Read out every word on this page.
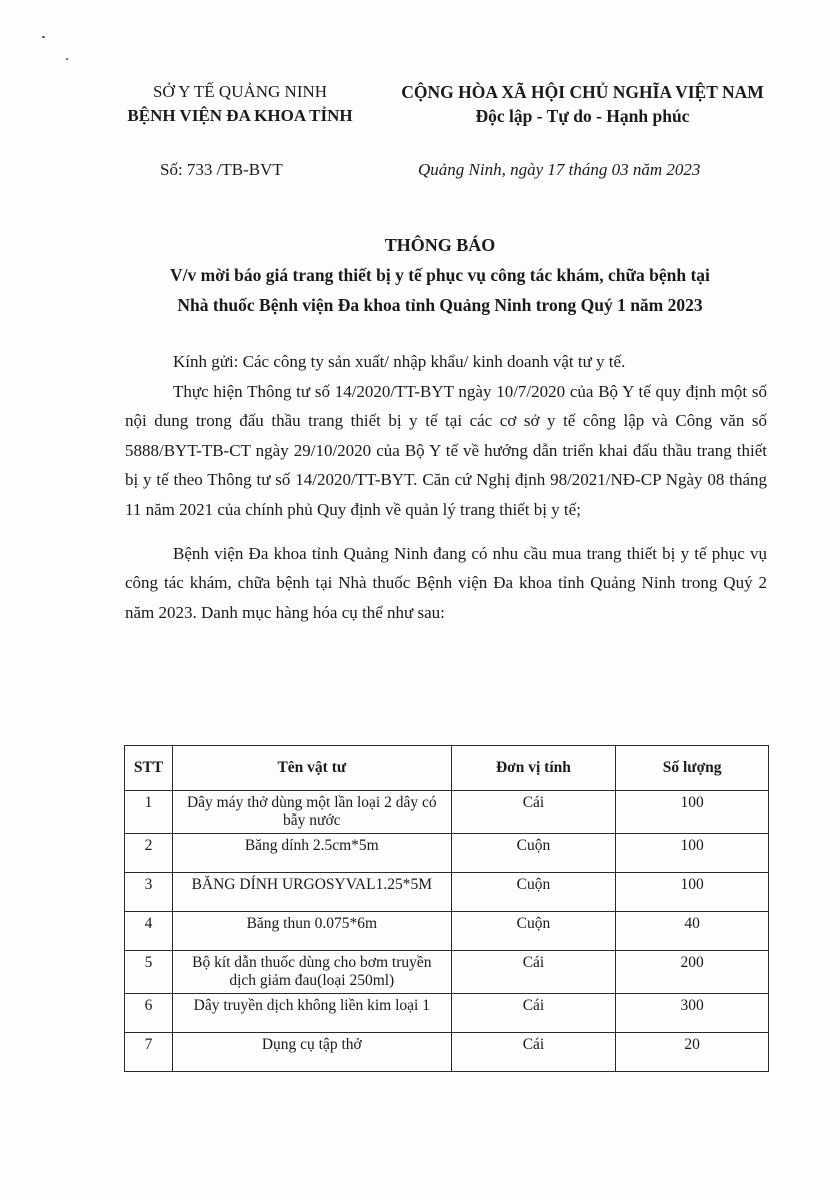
SỞ Y TẾ QUẢNG NINH
BỆNH VIỆN ĐA KHOA TỈNH
CỘNG HÒA XÃ HỘI CHỦ NGHĨA VIỆT NAM
Độc lập - Tự do - Hạnh phúc
Số: 733 /TB-BVT	Quảng Ninh, ngày 17 tháng 03 năm 2023
THÔNG BÁO
V/v mời báo giá trang thiết bị y tế phục vụ công tác khám, chữa bệnh tại
Nhà thuốc Bệnh viện Đa khoa tỉnh Quảng Ninh trong Quý 1 năm 2023

Kính gửi: Các công ty sản xuất/ nhập khẩu/ kinh doanh vật tư y tế.

Thực hiện Thông tư số 14/2020/TT-BYT ngày 10/7/2020 của Bộ Y tế quy định một số nội dung trong đấu thầu trang thiết bị y tế tại các cơ sở y tế công lập và Công văn số 5888/BYT-TB-CT ngày 29/10/2020 của Bộ Y tế về hướng dẫn triển khai đấu thầu trang thiết bị y tế theo Thông tư số 14/2020/TT-BYT. Căn cứ Nghị định 98/2021/NĐ-CP Ngày 08 tháng 11 năm 2021 của chính phủ Quy định về quản lý trang thiết bị y tế;

Bệnh viện Đa khoa tỉnh Quảng Ninh đang có nhu cầu mua trang thiết bị y tế phục vụ công tác khám, chữa bệnh tại Nhà thuốc Bệnh viện Đa khoa tỉnh Quảng Ninh trong Quý 2 năm 2023. Danh mục hàng hóa cụ thể như sau:

STT	Tên vật tư	Đơn vị tính	Số lượng
1	Dây máy thở dùng một lần loại 2 dây có bẫy nước	Cái	100
2	Băng dính 2.5cm*5m	Cuộn	100
3	BĂNG DÍNH URGOSYVAL1.25*5M	Cuộn	100
4	Băng thun 0.075*6m	Cuộn	40
5	Bộ kít dẫn thuốc dùng cho bơm truyền dịch giảm đau(loại 250ml)	Cái	200
6	Dây truyền dịch không liền kim loại 1	Cái	300
7	Dụng cụ tập thở	Cái	20
